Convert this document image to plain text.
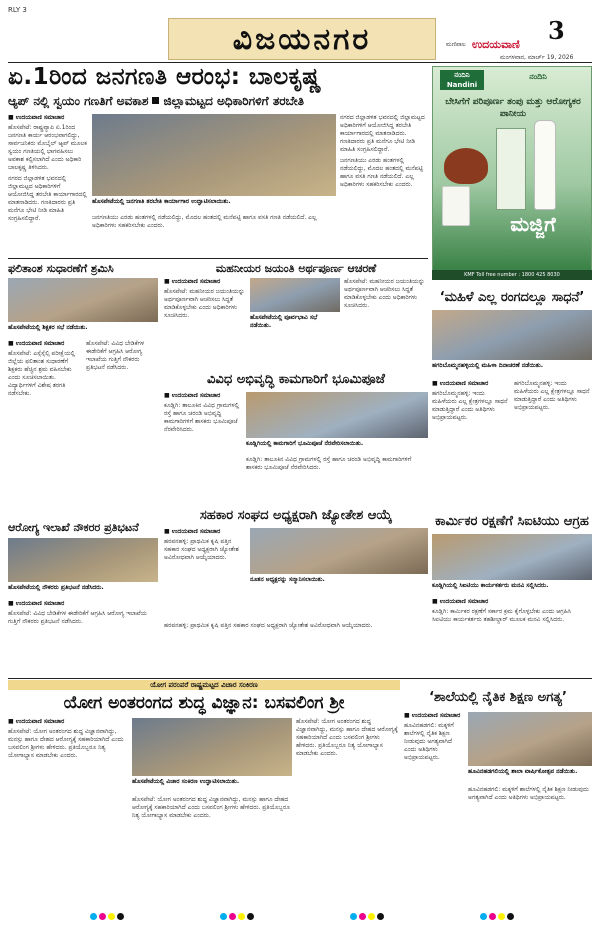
RLY 3
ವಿಜಯನಗರ	3
ಮಣಿಪಾಲ ಉದಯವಾಣಿ
ಮಂಗಳವಾರ, ಮಾರ್ಚ್ 19, 2026
ಏ.1ರಿಂದ ಜನಗಣತಿ ಆರಂಭ: ಬಾಲಕೃಷ್ಣ
ಆ್ಯಪ್ ನಲ್ಲಿ ಸ್ವಯಂ ಗಣತಿಗೆ ಅವಕಾಶ ಜಿಲ್ಲಾಮಟ್ಟದ ಅಧಿಕಾರಿಗಳಿಗೆ ತರಬೇತಿ
■ ಉದಯವಾಣಿ ಸಮಾಚಾರ

ಹೊಸಪೇಟೆ: ರಾಷ್ಟ್ರವ್ಯಾಪಿ ಏ.1ರಿಂದ ಜನಗಣತಿ ಕಾರ್ಯ ಆರಂಭವಾಗಲಿದ್ದು, ಸಾರ್ವಜನಿಕರು ಮೊಬೈಲ್ ಆ್ಯಪ್ ಮೂಲಕ ಸ್ವಯಂ ಗಣತಿಯಲ್ಲಿ ಭಾಗವಹಿಸಲು ಅವಕಾಶ ಕಲ್ಪಿಸಲಾಗಿದೆ ಎಂದು ಅಧಿಕಾರಿ ಬಾಲಕೃಷ್ಣ ತಿಳಿಸಿದರು.

ನಗರದ ಜಿಲ್ಲಾಡಳಿತ ಭವನದಲ್ಲಿ ಜಿಲ್ಲಾಮಟ್ಟದ ಅಧಿಕಾರಿಗಳಿಗೆ ಆಯೋಜಿಸಿದ್ದ ತರಬೇತಿ ಕಾರ್ಯಾಗಾರದಲ್ಲಿ ಮಾತನಾಡಿದರು. ಗಣತಿದಾರರು ಪ್ರತಿ ಮನೆಗೂ ಭೇಟಿ ನೀಡಿ ಮಾಹಿತಿ ಸಂಗ್ರಹಿಸಲಿದ್ದಾರೆ.

ಹೊಸಪೇಟೆಯಲ್ಲಿ ಜನಗಣತಿ ತರಬೇತಿ ಕಾರ್ಯಾಗಾರ ಉದ್ಘಾಟಿಸಲಾಯಿತು.

ಜನಗಣತಿಯು ಎರಡು ಹಂತಗಳಲ್ಲಿ ನಡೆಯಲಿದ್ದು, ಮೊದಲ ಹಂತದಲ್ಲಿ ಮನೆಪಟ್ಟಿ ಹಾಗೂ ವಸತಿ ಗಣತಿ ನಡೆಯಲಿದೆ. ಎಲ್ಲ ಅಧಿಕಾರಿಗಳು ಸಹಕರಿಸಬೇಕು ಎಂದರು.

ನಗರದ ಜಿಲ್ಲಾಡಳಿತ ಭವನದಲ್ಲಿ ಜಿಲ್ಲಾಮಟ್ಟದ ಅಧಿಕಾರಿಗಳಿಗೆ ಆಯೋಜಿಸಿದ್ದ ತರಬೇತಿ ಕಾರ್ಯಾಗಾರದಲ್ಲಿ ಮಾತನಾಡಿದರು. ಗಣತಿದಾರರು ಪ್ರತಿ ಮನೆಗೂ ಭೇಟಿ ನೀಡಿ ಮಾಹಿತಿ ಸಂಗ್ರಹಿಸಲಿದ್ದಾರೆ.

ಜನಗಣತಿಯು ಎರಡು ಹಂತಗಳಲ್ಲಿ ನಡೆಯಲಿದ್ದು, ಮೊದಲ ಹಂತದಲ್ಲಿ ಮನೆಪಟ್ಟಿ ಹಾಗೂ ವಸತಿ ಗಣತಿ ನಡೆಯಲಿದೆ. ಎಲ್ಲ ಅಧಿಕಾರಿಗಳು ಸಹಕರಿಸಬೇಕು ಎಂದರು.

ನಂದಿನಿ Nandini
ನಂದಿನಿ
ಬೇಸಿಗೆಗೆ ಪರಿಪೂರ್ಣ ತಂಪು ಮತ್ತು ಆರೋಗ್ಯಕರ ಪಾನೀಯ
ಮಜ್ಜಿಗೆ
KMF Toll free number : 1800 425 8030
ಫಲಿತಾಂಶ ಸುಧಾರಣೆಗೆ ಶ್ರಮಿಸಿ
ಹೊಸಪೇಟೆಯಲ್ಲಿ ಶಿಕ್ಷಕರ ಸಭೆ ನಡೆಯಿತು.
■ ಉದಯವಾಣಿ ಸಮಾಚಾರ

ಹೊಸಪೇಟೆ: ಎಸ್ಸೆಸ್ಸೆಲ್ಸಿ ಪರೀಕ್ಷೆಯಲ್ಲಿ ಜಿಲ್ಲೆಯ ಫಲಿತಾಂಶ ಸುಧಾರಣೆಗೆ ಶಿಕ್ಷಕರು ಹೆಚ್ಚಿನ ಶ್ರಮ ವಹಿಸಬೇಕು ಎಂದು ಸೂಚಿಸಲಾಯಿತು. ವಿದ್ಯಾರ್ಥಿಗಳಿಗೆ ವಿಶೇಷ ತರಗತಿ ನಡೆಸಬೇಕು.

ಹೊಸಪೇಟೆ: ವಿವಿಧ ಬೇಡಿಕೆಗಳ ಈಡೇರಿಕೆಗೆ ಆಗ್ರಹಿಸಿ ಆರೋಗ್ಯ ಇಲಾಖೆಯ ಗುತ್ತಿಗೆ ನೌಕರರು ಪ್ರತಿಭಟನೆ ನಡೆಸಿದರು.

ಮಹನೀಯರ ಜಯಂತಿ ಅರ್ಥಪೂರ್ಣ ಆಚರಣೆ
■ ಉದಯವಾಣಿ ಸಮಾಚಾರ

ಹೊಸಪೇಟೆ: ಮಹನೀಯರ ಜಯಂತಿಯನ್ನು ಅರ್ಥಪೂರ್ಣವಾಗಿ ಆಚರಿಸಲು ಸಿದ್ಧತೆ ಮಾಡಿಕೊಳ್ಳಬೇಕು ಎಂದು ಅಧಿಕಾರಿಗಳು ಸೂಚಿಸಿದರು.	ಹೊಸಪೇಟೆಯಲ್ಲಿ ಪೂರ್ವಭಾವಿ ಸಭೆ ನಡೆಯಿತು.

ಹೊಸಪೇಟೆ: ಮಹನೀಯರ ಜಯಂತಿಯನ್ನು ಅರ್ಥಪೂರ್ಣವಾಗಿ ಆಚರಿಸಲು ಸಿದ್ಧತೆ ಮಾಡಿಕೊಳ್ಳಬೇಕು ಎಂದು ಅಧಿಕಾರಿಗಳು ಸೂಚಿಸಿದರು.

ವಿವಿಧ ಅಭಿವೃದ್ಧಿ ಕಾಮಗಾರಿಗೆ ಭೂಮಿಪೂಜೆ
■ ಉದಯವಾಣಿ ಸಮಾಚಾರ

ಕೂಡ್ಲಿಗಿ: ತಾಲೂಕಿನ ವಿವಿಧ ಗ್ರಾಮಗಳಲ್ಲಿ ರಸ್ತೆ ಹಾಗೂ ಚರಂಡಿ ಅಭಿವೃದ್ಧಿ ಕಾಮಗಾರಿಗಳಿಗೆ ಶಾಸಕರು ಭೂಮಿಪೂಜೆ ನೆರವೇರಿಸಿದರು.

ಕೂಡ್ಲಿಗಿಯಲ್ಲಿ ಕಾಮಗಾರಿಗೆ ಭೂಮಿಪೂಜೆ ನೆರವೇರಿಸಲಾಯಿತು.

ಕೂಡ್ಲಿಗಿ: ತಾಲೂಕಿನ ವಿವಿಧ ಗ್ರಾಮಗಳಲ್ಲಿ ರಸ್ತೆ ಹಾಗೂ ಚರಂಡಿ ಅಭಿವೃದ್ಧಿ ಕಾಮಗಾರಿಗಳಿಗೆ ಶಾಸಕರು ಭೂಮಿಪೂಜೆ ನೆರವೇರಿಸಿದರು.

ಆರೋಗ್ಯ ಇಲಾಖೆ ನೌಕರರ ಪ್ರತಿಭಟನೆ
ಹೊಸಪೇಟೆಯಲ್ಲಿ ನೌಕರರು ಪ್ರತಿಭಟನೆ ನಡೆಸಿದರು.
■ ಉದಯವಾಣಿ ಸಮಾಚಾರ

ಹೊಸಪೇಟೆ: ವಿವಿಧ ಬೇಡಿಕೆಗಳ ಈಡೇರಿಕೆಗೆ ಆಗ್ರಹಿಸಿ ಆರೋಗ್ಯ ಇಲಾಖೆಯ ಗುತ್ತಿಗೆ ನೌಕರರು ಪ್ರತಿಭಟನೆ ನಡೆಸಿದರು.

ಸಹಕಾರ ಸಂಘದ ಅಧ್ಯಕ್ಷರಾಗಿ ಜ್ಯೋತೇಶ ಆಯ್ಕೆ
■ ಉದಯವಾಣಿ ಸಮಾಚಾರ

ಹರಪನಹಳ್ಳಿ: ಪ್ರಾಥಮಿಕ ಕೃಷಿ ಪತ್ತಿನ ಸಹಕಾರ ಸಂಘದ ಅಧ್ಯಕ್ಷರಾಗಿ ಜ್ಯೋತೇಶ ಅವಿರೋಧವಾಗಿ ಆಯ್ಕೆಯಾದರು.

ನೂತನ ಅಧ್ಯಕ್ಷರನ್ನು ಸನ್ಮಾನಿಸಲಾಯಿತು.

ಹರಪನಹಳ್ಳಿ: ಪ್ರಾಥಮಿಕ ಕೃಷಿ ಪತ್ತಿನ ಸಹಕಾರ ಸಂಘದ ಅಧ್ಯಕ್ಷರಾಗಿ ಜ್ಯೋತೇಶ ಅವಿರೋಧವಾಗಿ ಆಯ್ಕೆಯಾದರು.

‘ಮಹಿಳೆ ಎಲ್ಲ ರಂಗದಲ್ಲೂ ಸಾಧನೆ’
ಹಗರಿಬೊಮ್ಮನಹಳ್ಳಿಯಲ್ಲಿ ಮಹಿಳಾ ದಿನಾಚರಣೆ ನಡೆಯಿತು.
■ ಉದಯವಾಣಿ ಸಮಾಚಾರ

ಹಗರಿಬೊಮ್ಮನಹಳ್ಳಿ: ಇಂದು ಮಹಿಳೆಯರು ಎಲ್ಲ ಕ್ಷೇತ್ರಗಳಲ್ಲೂ ಸಾಧನೆ ಮಾಡುತ್ತಿದ್ದಾರೆ ಎಂದು ಅತಿಥಿಗಳು ಅಭಿಪ್ರಾಯಪಟ್ಟರು.

ಹಗರಿಬೊಮ್ಮನಹಳ್ಳಿ: ಇಂದು ಮಹಿಳೆಯರು ಎಲ್ಲ ಕ್ಷೇತ್ರಗಳಲ್ಲೂ ಸಾಧನೆ ಮಾಡುತ್ತಿದ್ದಾರೆ ಎಂದು ಅತಿಥಿಗಳು ಅಭಿಪ್ರಾಯಪಟ್ಟರು.

ಕಾರ್ಮಿಕರ ರಕ್ಷಣೆಗೆ ಸಿಐಟಿಯು ಆಗ್ರಹ
ಕೂಡ್ಲಿಗಿಯಲ್ಲಿ ಸಿಐಟಿಯು ಕಾರ್ಯಕರ್ತರು ಮನವಿ ಸಲ್ಲಿಸಿದರು.
■ ಉದಯವಾಣಿ ಸಮಾಚಾರ

ಕೂಡ್ಲಿಗಿ: ಕಾರ್ಮಿಕರ ರಕ್ಷಣೆಗೆ ಸರ್ಕಾರ ಕ್ರಮ ಕೈಗೊಳ್ಳಬೇಕು ಎಂದು ಆಗ್ರಹಿಸಿ ಸಿಐಟಿಯು ಕಾರ್ಯಕರ್ತರು ತಹಶೀಲ್ದಾರ್ ಮೂಲಕ ಮನವಿ ಸಲ್ಲಿಸಿದರು.

ಯೋಗ ಪರಂಪರೆ ರಾಷ್ಟ್ರಮಟ್ಟದ ವಿಚಾರ ಸಂಕಿರಣ
ಯೋಗ ಅಂತರಂಗದ ಶುದ್ಧ ವಿಜ್ಞಾನ: ಬಸವಲಿಂಗ ಶ್ರೀ
■ ಉದಯವಾಣಿ ಸಮಾಚಾರ

ಹೊಸಪೇಟೆ: ಯೋಗ ಅಂತರಂಗದ ಶುದ್ಧ ವಿಜ್ಞಾನವಾಗಿದ್ದು, ಮನಸ್ಸು ಹಾಗೂ ದೇಹದ ಆರೋಗ್ಯಕ್ಕೆ ಸಹಕಾರಿಯಾಗಿದೆ ಎಂದು ಬಸವಲಿಂಗ ಶ್ರೀಗಳು ಹೇಳಿದರು. ಪ್ರತಿಯೊಬ್ಬರೂ ನಿತ್ಯ ಯೋಗಾಭ್ಯಾಸ ಮಾಡಬೇಕು ಎಂದರು.

ಹೊಸಪೇಟೆಯಲ್ಲಿ ವಿಚಾರ ಸಂಕಿರಣ ಉದ್ಘಾಟಿಸಲಾಯಿತು.

ಹೊಸಪೇಟೆ: ಯೋಗ ಅಂತರಂಗದ ಶುದ್ಧ ವಿಜ್ಞಾನವಾಗಿದ್ದು, ಮನಸ್ಸು ಹಾಗೂ ದೇಹದ ಆರೋಗ್ಯಕ್ಕೆ ಸಹಕಾರಿಯಾಗಿದೆ ಎಂದು ಬಸವಲಿಂಗ ಶ್ರೀಗಳು ಹೇಳಿದರು. ಪ್ರತಿಯೊಬ್ಬರೂ ನಿತ್ಯ ಯೋಗಾಭ್ಯಾಸ ಮಾಡಬೇಕು ಎಂದರು.

ಹೊಸಪೇಟೆ: ಯೋಗ ಅಂತರಂಗದ ಶುದ್ಧ ವಿಜ್ಞಾನವಾಗಿದ್ದು, ಮನಸ್ಸು ಹಾಗೂ ದೇಹದ ಆರೋಗ್ಯಕ್ಕೆ ಸಹಕಾರಿಯಾಗಿದೆ ಎಂದು ಬಸವಲಿಂಗ ಶ್ರೀಗಳು ಹೇಳಿದರು. ಪ್ರತಿಯೊಬ್ಬರೂ ನಿತ್ಯ ಯೋಗಾಭ್ಯಾಸ ಮಾಡಬೇಕು ಎಂದರು.

‘ಶಾಲೆಯಲ್ಲಿ ನೈತಿಕ ಶಿಕ್ಷಣ ಅಗತ್ಯ’
ಹೂವಿನಹಡಗಲಿಯಲ್ಲಿ ಶಾಲಾ ವಾರ್ಷಿಕೋತ್ಸವ ನಡೆಯಿತು.
■ ಉದಯವಾಣಿ ಸಮಾಚಾರ

ಹೂವಿನಹಡಗಲಿ: ಮಕ್ಕಳಿಗೆ ಶಾಲೆಗಳಲ್ಲಿ ನೈತಿಕ ಶಿಕ್ಷಣ ನೀಡುವುದು ಅಗತ್ಯವಾಗಿದೆ ಎಂದು ಅತಿಥಿಗಳು ಅಭಿಪ್ರಾಯಪಟ್ಟರು.

ಹೂವಿನಹಡಗಲಿ: ಮಕ್ಕಳಿಗೆ ಶಾಲೆಗಳಲ್ಲಿ ನೈತಿಕ ಶಿಕ್ಷಣ ನೀಡುವುದು ಅಗತ್ಯವಾಗಿದೆ ಎಂದು ಅತಿಥಿಗಳು ಅಭಿಪ್ರಾಯಪಟ್ಟರು.
